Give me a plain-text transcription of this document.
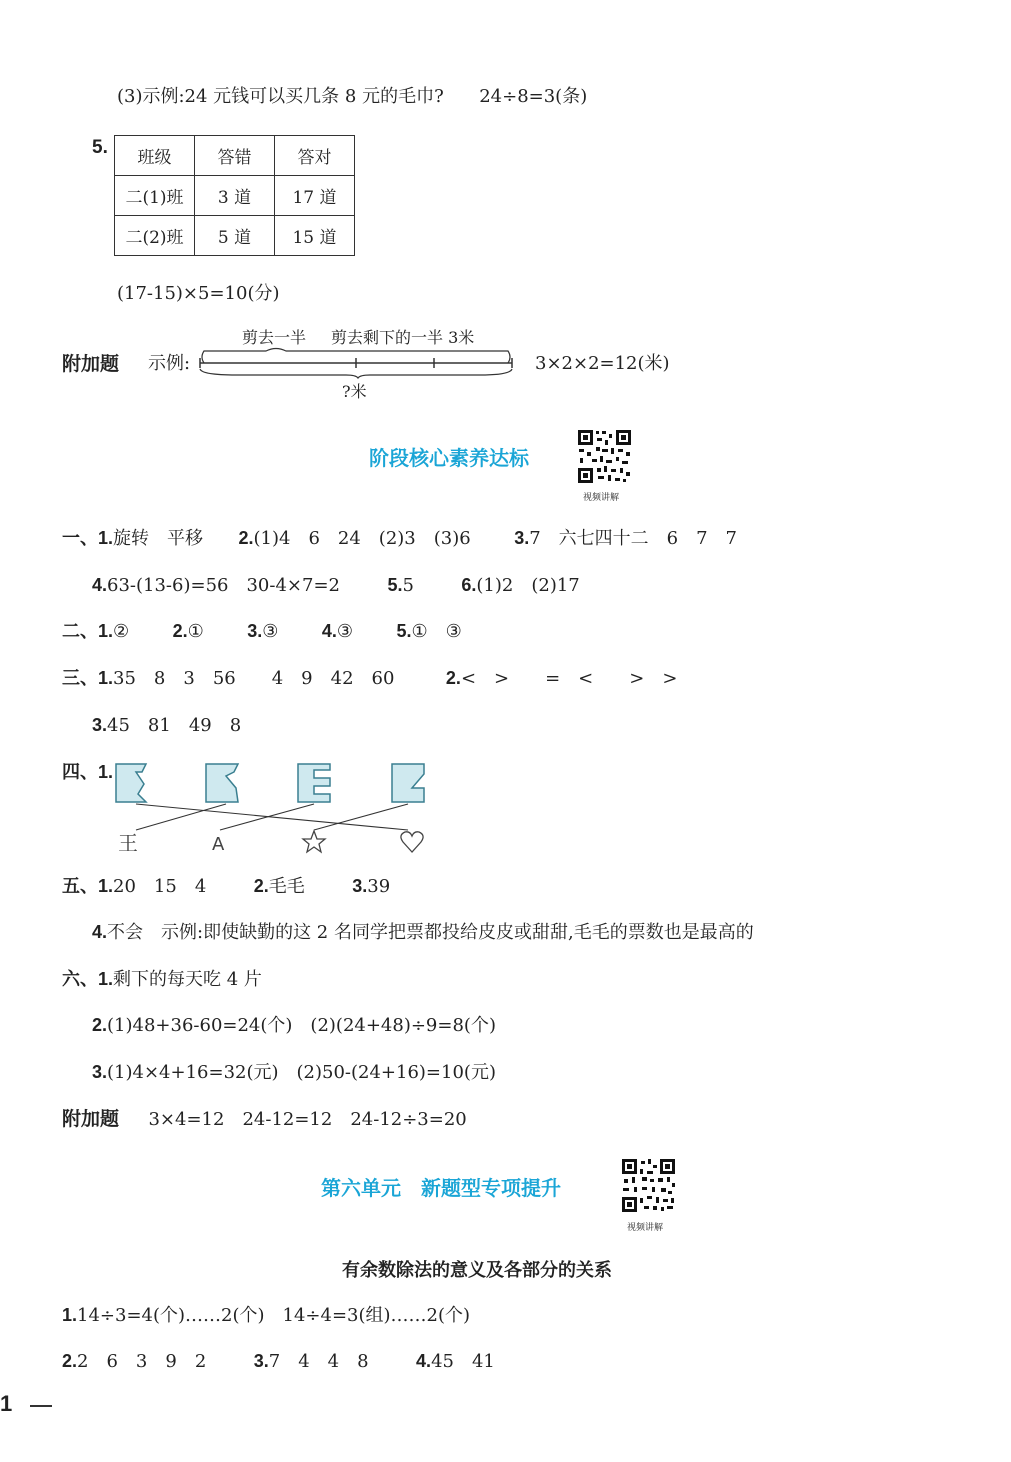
(3)示例:24 元钱可以买几条 8 元的毛巾? 24÷8=3(条)
5. 班级	答错	答对
二(1)班	3 道	17 道
二(2)班	5 道	15 道
(17-15)×5=10(分)
附加题 示例:
剪去一半 剪去剩下的一半 3米
?米
3×2×2=12(米)
阶段核心素养达标
视频讲解
一、1.旋转　平移 2.(1)4　6　24　(2)3　(3)6 3.7　六七四十二　6　7　7
4.63-(13-6)=56　30-4×7=2	5.5	6.(1)2　(2)17
二、1.② 2.① 3.③ 4.③ 5.①　③
三、1.35　8　3　56　　4　9　42　60	2.<　>　　=　<　　>　>
3.45　81　49　8
四、1.
王	A
五、1.20　15　4	2.毛毛	3.39
4.不会　示例:即使缺勤的这 2 名同学把票都投给皮皮或甜甜,毛毛的票数也是最高的
六、1.剩下的每天吃 4 片
2.(1)48+36-60=24(个)　(2)(24+48)÷9=8(个)
3.(1)4×4+16=32(元)　(2)50-(24+16)=10(元)
附加题 3×4=12　24-12=12　24-12÷3=20
第六单元　新题型专项提升
视频讲解
有余数除法的意义及各部分的关系
1.14÷3=4(个)……2(个)　14÷4=3(组)……2(个)
2.2　6　3　9　2	3.7　4　4　8	4.45　41
1
